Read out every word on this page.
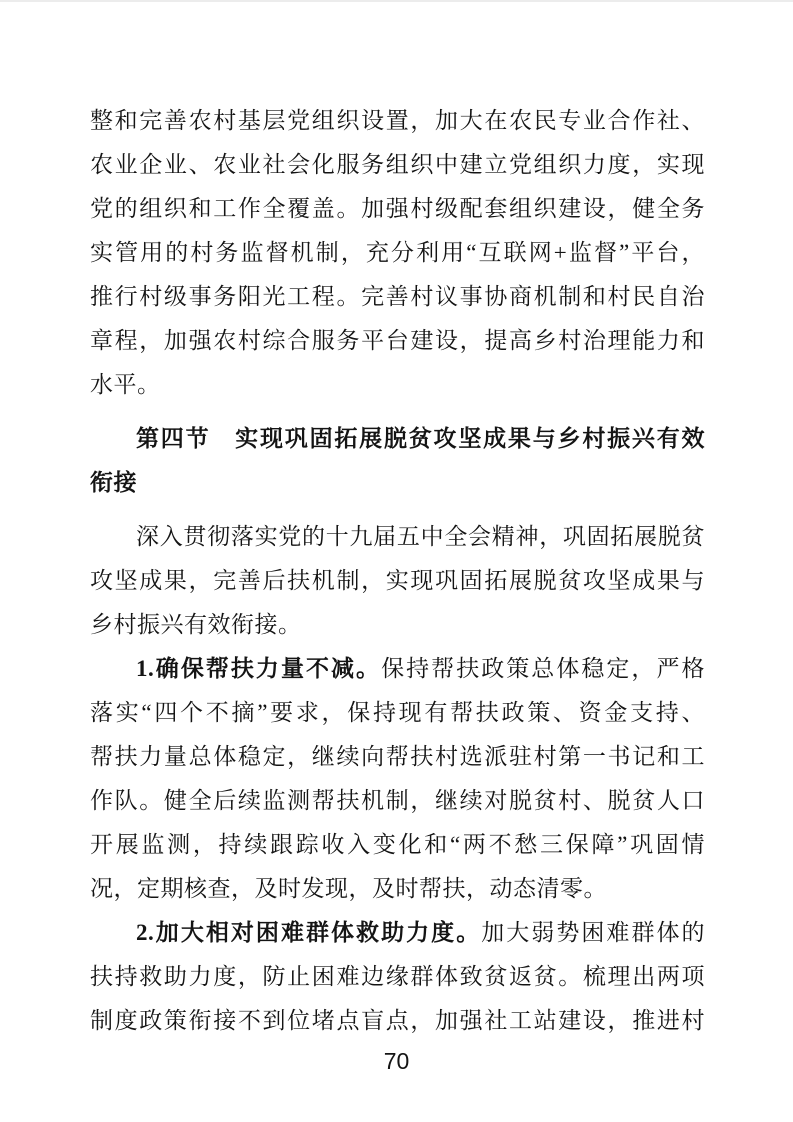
整和完善农村基层党组织设置，加大在农民专业合作社、
农业企业、农业社会化服务组织中建立党组织力度，实现
党的组织和工作全覆盖。加强村级配套组织建设，健全务
实管用的村务监督机制，充分利用“互联网+监督”平台，
推行村级事务阳光工程。完善村议事协商机制和村民自治
章程，加强农村综合服务平台建设，提高乡村治理能力和
水平。
第四节　实现巩固拓展脱贫攻坚成果与乡村振兴有效
衔接
深入贯彻落实党的十九届五中全会精神，巩固拓展脱贫
攻坚成果，完善后扶机制，实现巩固拓展脱贫攻坚成果与
乡村振兴有效衔接。
1.确保帮扶力量不减。保持帮扶政策总体稳定，严格
落实“四个不摘”要求，保持现有帮扶政策、资金支持、
帮扶力量总体稳定，继续向帮扶村选派驻村第一书记和工
作队。健全后续监测帮扶机制，继续对脱贫村、脱贫人口
开展监测，持续跟踪收入变化和“两不愁三保障”巩固情
况，定期核查，及时发现，及时帮扶，动态清零。
2.加大相对困难群体救助力度。加大弱势困难群体的
扶持救助力度，防止困难边缘群体致贫返贫。梳理出两项
制度政策衔接不到位堵点盲点，加强社工站建设，推进村
70
